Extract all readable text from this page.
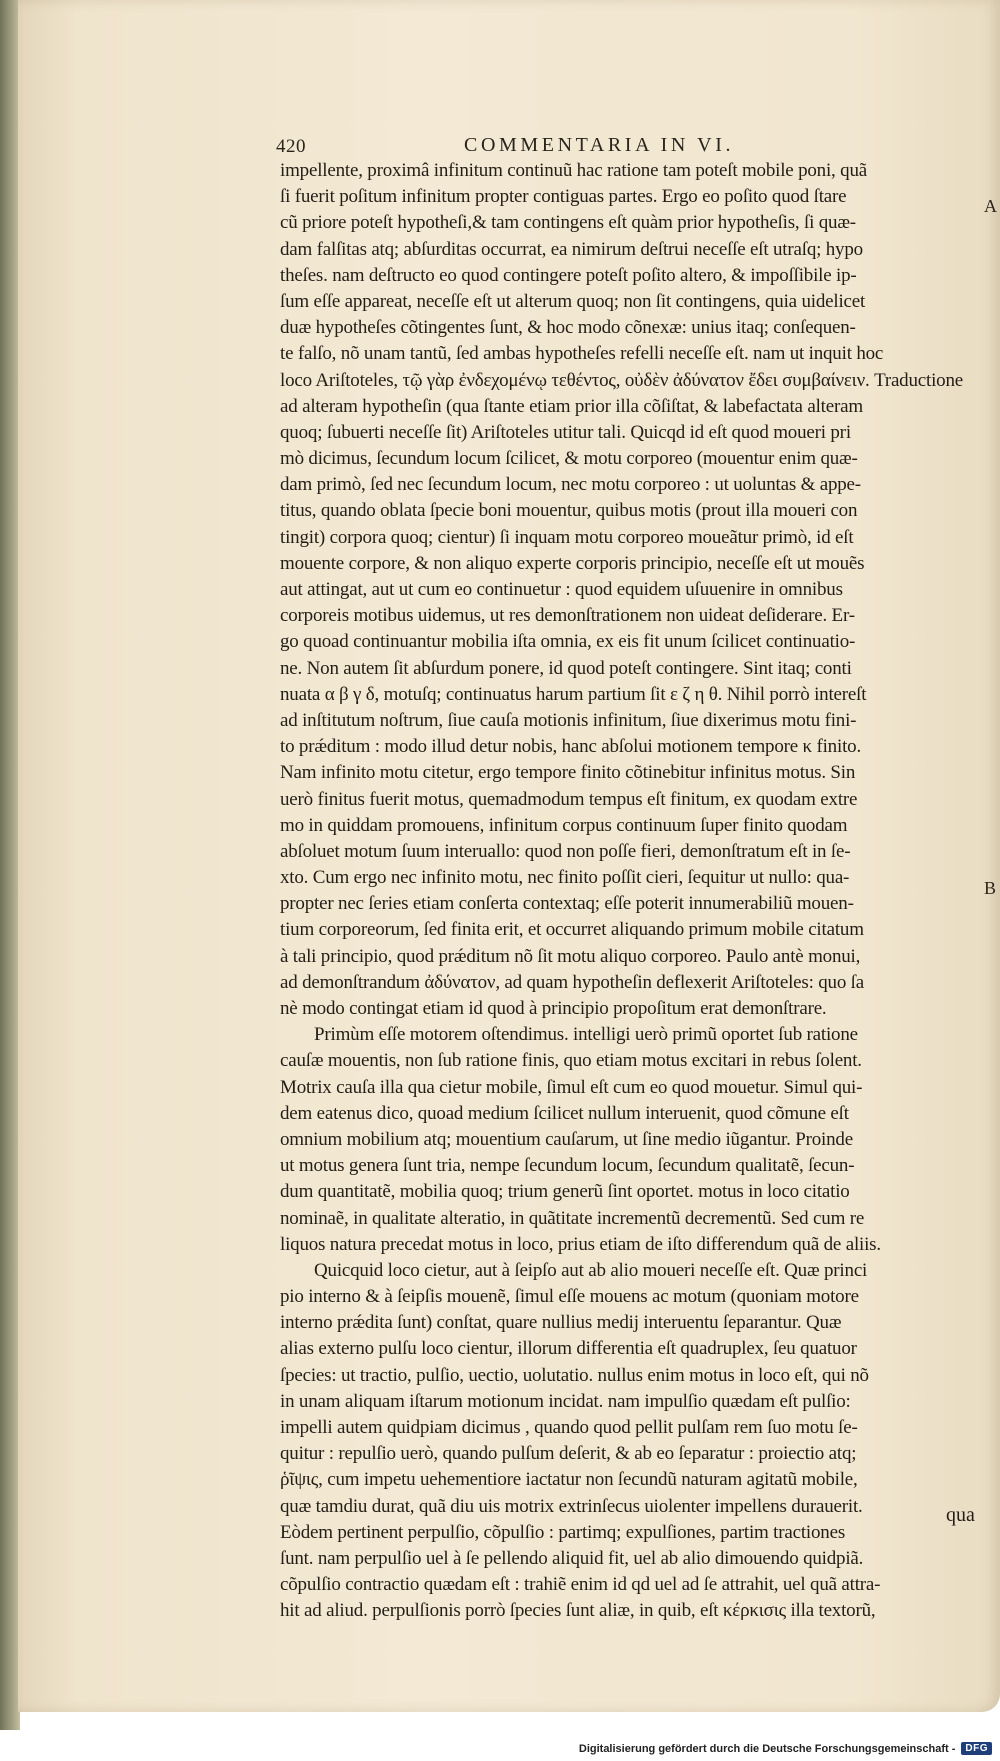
420	COMMENTARIA IN VI.
A
B
impellente, proximâ infinitum continuũ hac ratione tam poteſt mobile poni, quã
ſi fuerit poſitum infinitum propter contiguas partes. Ergo eo poſito quod ſtare
cũ priore poteſt hypotheſi,& tam contingens eſt quàm prior hypotheſis, ſi quæ-
dam falſitas atq; abſurditas occurrat, ea nimirum deſtrui neceſſe eſt utraſq; hypo
theſes. nam deſtructo eo quod contingere poteſt poſito altero, & impoſſibile ip-
ſum eſſe appareat, neceſſe eſt ut alterum quoq; non ſit contingens, quia uidelicet
duæ hypotheſes cõtingentes ſunt, & hoc modo cõnexæ: unius itaq; conſequen-
te falſo, nõ unam tantũ, ſed ambas hypotheſes refelli neceſſe eſt. nam ut inquit hoc
loco Ariſtoteles, τῷ γὰρ ἐνδεχομένῳ τεθέντος, οὐδὲν ἀδύνατον ἔδει συμβαίνειν. Traductione
ad alteram hypotheſin (qua ſtante etiam prior illa cõſiſtat, & labefactata alteram
quoq; ſubuerti neceſſe ſit) Ariſtoteles utitur tali. Quicqd id eſt quod moueri pri
mò dicimus, ſecundum locum ſcilicet, & motu corporeo (mouentur enim quæ-
dam primò, ſed nec ſecundum locum, nec motu corporeo : ut uoluntas & appe-
titus, quando oblata ſpecie boni mouentur, quibus motis (prout illa moueri con
tingit) corpora quoq; cientur) ſi inquam motu corporeo moueãtur primò, id eſt
mouente corpore, & non aliquo experte corporis principio, neceſſe eſt ut mouẽs
aut attingat, aut ut cum eo continuetur : quod equidem uſuuenire in omnibus
corporeis motibus uidemus, ut res demonſtrationem non uideat deſiderare. Er-
go quoad continuantur mobilia iſta omnia, ex eis fit unum ſcilicet continuatio-
ne. Non autem ſit abſurdum ponere, id quod poteſt contingere. Sint itaq; conti
nuata α β γ δ, motuſq; continuatus harum partium ſit ε ζ η θ. Nihil porrò intereſt
ad inſtitutum noſtrum, ſiue cauſa motionis infinitum, ſiue dixerimus motu fini-
to prǽditum : modo illud detur nobis, hanc abſolui motionem tempore κ finito.
Nam infinito motu citetur, ergo tempore finito cõtinebitur infinitus motus. Sin
uerò finitus fuerit motus, quemadmodum tempus eſt finitum, ex quodam extre
mo in quiddam promouens, infinitum corpus continuum ſuper finito quodam
abſoluet motum ſuum interuallo: quod non poſſe fieri, demonſtratum eſt in ſe-
xto. Cum ergo nec infinito motu, nec finito poſſit cieri, ſequitur ut nullo: qua-
propter nec ſeries etiam conſerta contextaq; eſſe poterit innumerabiliũ mouen-
tium corporeorum, ſed finita erit, et occurret aliquando primum mobile citatum
à tali principio, quod prǽditum nõ ſit motu aliquo corporeo. Paulo antè monui,
ad demonſtrandum ἀδύνατον, ad quam hypotheſin deflexerit Ariſtoteles: quo ſa
nè modo contingat etiam id quod à principio propoſitum erat demonſtrare.
Primùm eſſe motorem oſtendimus. intelligi uerò primũ oportet ſub ratione
cauſæ mouentis, non ſub ratione finis, quo etiam motus excitari in rebus ſolent.
Motrix cauſa illa qua cietur mobile, ſimul eſt cum eo quod mouetur. Simul qui-
dem eatenus dico, quoad medium ſcilicet nullum interuenit, quod cõmune eſt
omnium mobilium atq; mouentium cauſarum, ut ſine medio iũgantur. Proinde
ut motus genera ſunt tria, nempe ſecundum locum, ſecundum qualitatẽ, ſecun-
dum quantitatẽ, mobilia quoq; trium generũ ſint oportet. motus in loco citatio
nominaẽ, in qualitate alteratio, in quãtitate incrementũ decrementũ. Sed cum re
liquos natura precedat motus in loco, prius etiam de iſto differendum quã de aliis.
Quicquid loco cietur, aut à ſeipſo aut ab alio moueri neceſſe eſt. Quæ princi
pio interno & à ſeipſis mouenẽ, ſimul eſſe mouens ac motum (quoniam motore
interno prǽdita ſunt) conſtat, quare nullius medij interuentu ſeparantur. Quæ
alias externo pulſu loco cientur, illorum differentia eſt quadruplex, ſeu quatuor
ſpecies: ut tractio, pulſio, uectio, uolutatio. nullus enim motus in loco eſt, qui nõ
in unam aliquam iſtarum motionum incidat. nam impulſio quædam eſt pulſio:
impelli autem quidpiam dicimus , quando quod pellit pulſam rem ſuo motu ſe-
quitur : repulſio uerò, quando pulſum deſerit, & ab eo ſeparatur : proiectio atq;
ῥῖψις, cum impetu uehementiore iactatur non ſecundũ naturam agitatũ mobile,
quæ tamdiu durat, quã diu uis motrix extrinſecus uiolenter impellens durauerit.
Eòdem pertinent perpulſio, cõpulſio : partimq; expulſiones, partim tractiones
ſunt. nam perpulſio uel à ſe pellendo aliquid fit, uel ab alio dimouendo quidpiã.
cõpulſio contractio quædam eſt : trahiẽ enim id qd uel ad ſe attrahit, uel quã attra-
hit ad aliud. perpulſionis porrò ſpecies ſunt aliæ, in quib, eſt κέρκισις illa textorũ,
qua
Digitalisierung gefördert durch die Deutsche Forschungsgemeinschaft -	DFG
